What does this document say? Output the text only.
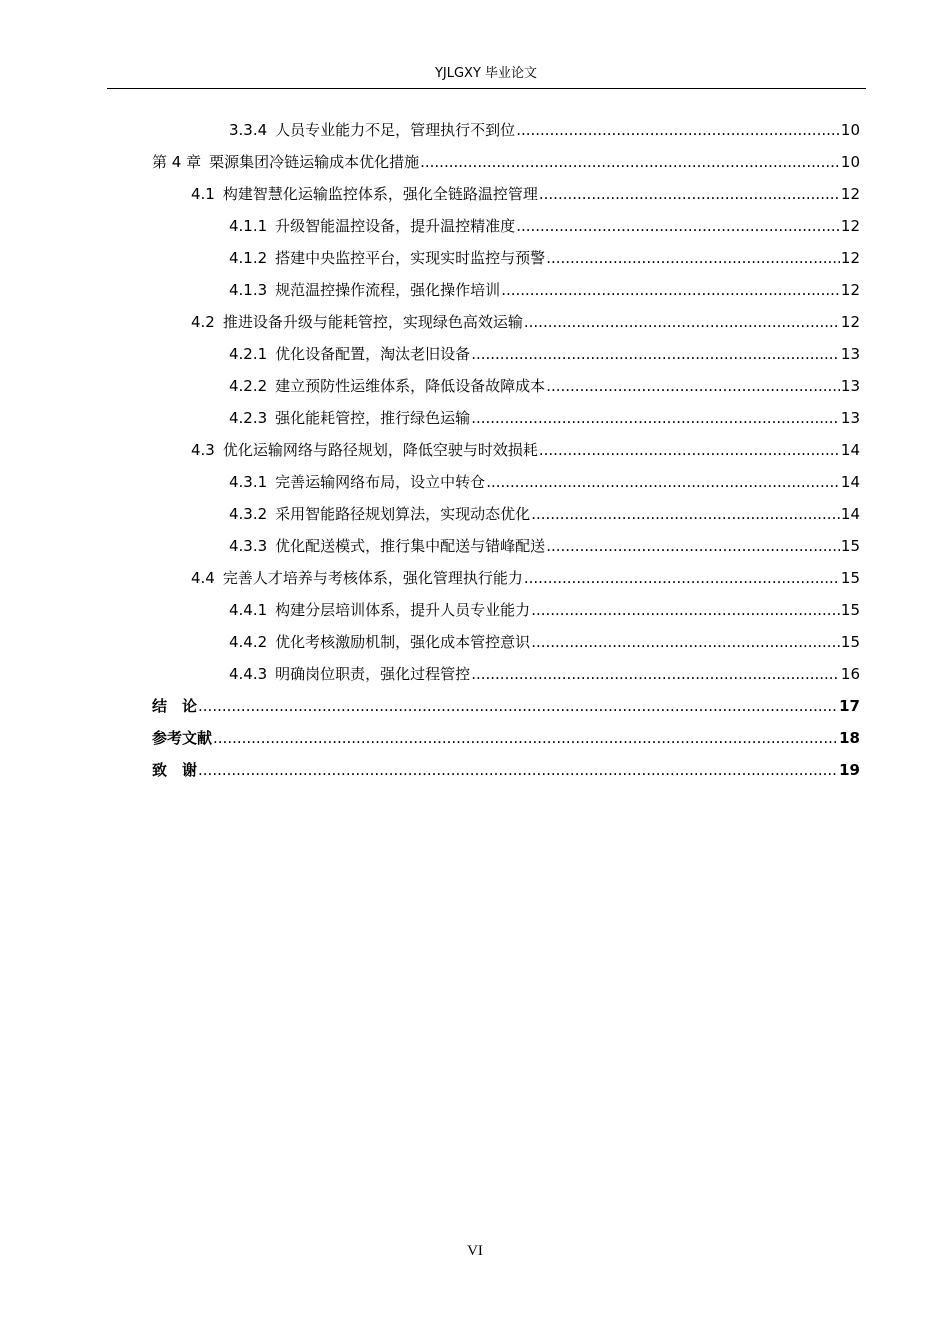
YJLGXY 毕业论文
3.3.4 人员专业能力不足，管理执行不到位 .....	10
第 4 章 栗源集团冷链运输成本优化措施 .....	10
4.1 构建智慧化运输监控体系，强化全链路温控管理 .....	12
4.1.1 升级智能温控设备，提升温控精准度 .....	12
4.1.2 搭建中央监控平台，实现实时监控与预警 .....	12
4.1.3 规范温控操作流程，强化操作培训 .....	12
4.2 推进设备升级与能耗管控，实现绿色高效运输 .....	12
4.2.1 优化设备配置，淘汰老旧设备 .....	13
4.2.2 建立预防性运维体系，降低设备故障成本 .....	13
4.2.3 强化能耗管控，推行绿色运输 .....	13
4.3 优化运输网络与路径规划，降低空驶与时效损耗 .....	14
4.3.1 完善运输网络布局，设立中转仓 .....	14
4.3.2 采用智能路径规划算法，实现动态优化 .....	14
4.3.3 优化配送模式，推行集中配送与错峰配送 .....	15
4.4 完善人才培养与考核体系，强化管理执行能力 .....	15
4.4.1 构建分层培训体系，提升人员专业能力 .....	15
4.4.2 优化考核激励机制，强化成本管控意识 .....	15
4.4.3 明确岗位职责，强化过程管控 .....	16
结　论 .....	17
参考文献 .....	18
致　谢 .....	19
VI
